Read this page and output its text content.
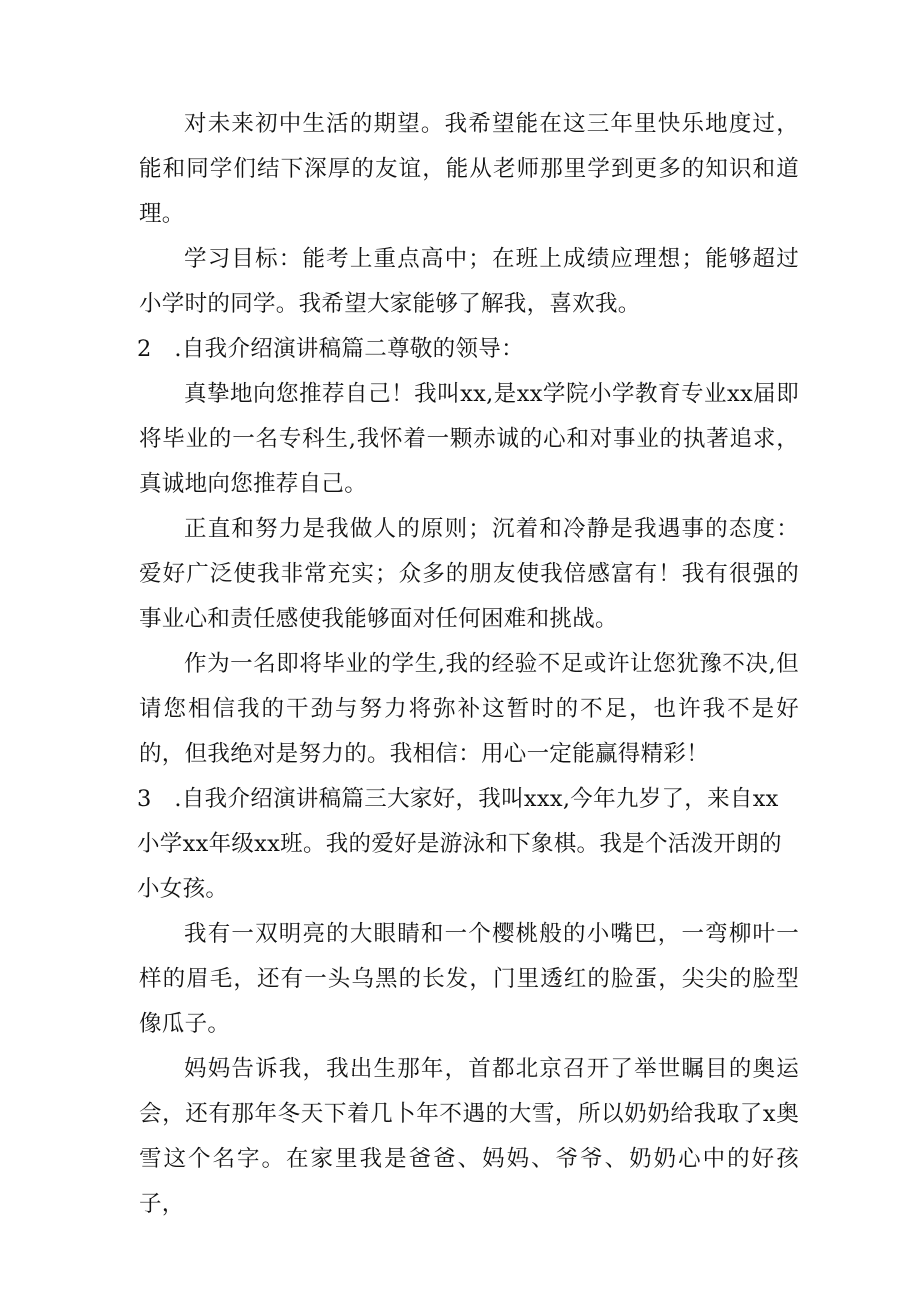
对未来初中生活的期望。我希望能在这三年里快乐地度过，能和同学们结下深厚的友谊，能从老师那里学到更多的知识和道理。

学习目标：能考上重点高中；在班上成绩应理想；能够超过小学时的同学。我希望大家能够了解我，喜欢我。

2　.自我介绍演讲稿篇二尊敬的领导：

真挚地向您推荐自己！我叫xx,是xx学院小学教育专业xx届即将毕业的一名专科生,我怀着一颗赤诚的心和对事业的执著追求，真诚地向您推荐自己。

正直和努力是我做人的原则；沉着和冷静是我遇事的态度：爱好广泛使我非常充实；众多的朋友使我倍感富有！我有很强的事业心和责任感使我能够面对任何困难和挑战。

作为一名即将毕业的学生,我的经验不足或许让您犹豫不决,但请您相信我的干劲与努力将弥补这暂时的不足，也许我不是好的，但我绝对是努力的。我相信：用心一定能赢得精彩！

3　.自我介绍演讲稿篇三大家好，我叫xxx,今年九岁了，来自xx小学xx年级xx班。我的爱好是游泳和下象棋。我是个活泼开朗的小女孩。

我有一双明亮的大眼睛和一个樱桃般的小嘴巴，一弯柳叶一样的眉毛，还有一头乌黑的长发，门里透红的脸蛋，尖尖的脸型像瓜子。

妈妈告诉我，我出生那年，首都北京召开了举世瞩目的奥运会，还有那年冬天下着几卜年不遇的大雪，所以奶奶给我取了x奥雪这个名字。在家里我是爸爸、妈妈、爷爷、奶奶心中的好孩子，
